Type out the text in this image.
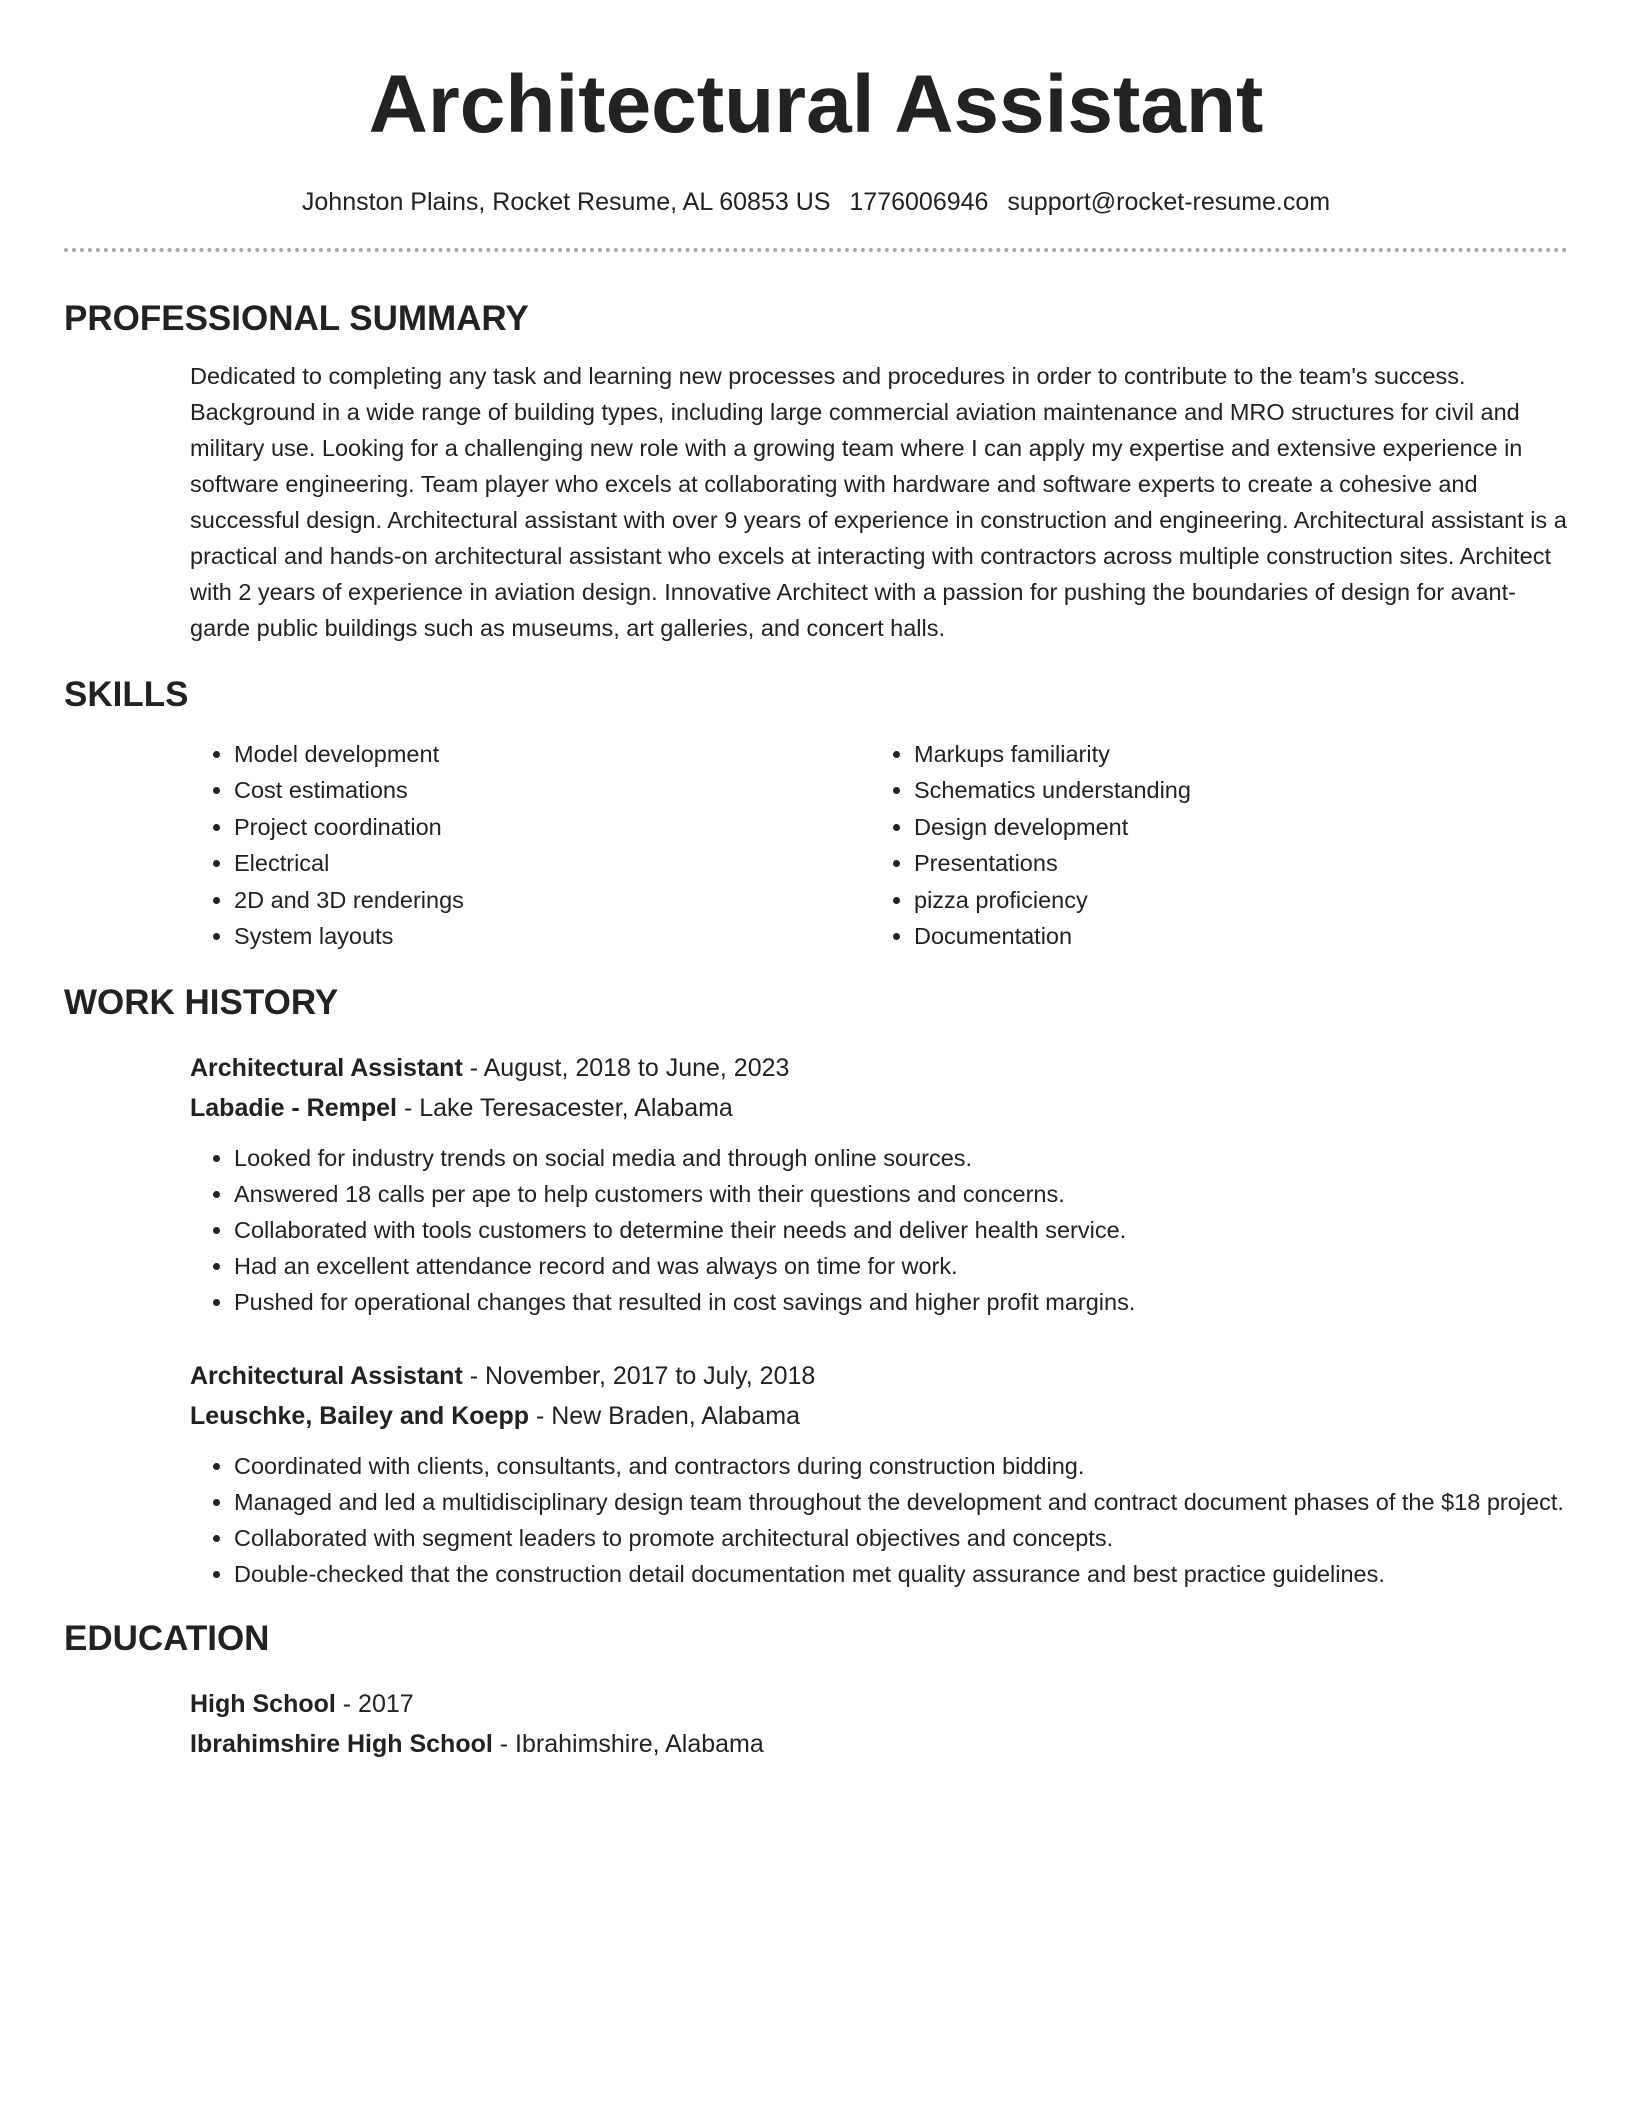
Architectural Assistant
Johnston Plains, Rocket Resume, AL 60853 US 1776006946 support@rocket-resume.com
PROFESSIONAL SUMMARY

Dedicated to completing any task and learning new processes and procedures in order to contribute to the team's success. Background in a wide range of building types, including large commercial aviation maintenance and MRO structures for civil and military use. Looking for a challenging new role with a growing team where I can apply my expertise and extensive experience in software engineering. Team player who excels at collaborating with hardware and software experts to create a cohesive and successful design. Architectural assistant with over 9 years of experience in construction and engineering. Architectural assistant is a practical and hands-on architectural assistant who excels at interacting with contractors across multiple construction sites. Architect with 2 years of experience in aviation design. Innovative Architect with a passion for pushing the boundaries of design for avant-garde public buildings such as museums, art galleries, and concert halls.

SKILLS
• Model development
• Cost estimations
• Project coordination
• Electrical
• 2D and 3D renderings
• System layouts
• Markups familiarity
• Schematics understanding
• Design development
• Presentations
• pizza proficiency
• Documentation
WORK HISTORY
Architectural Assistant - August, 2018 to June, 2023
Labadie - Rempel - Lake Teresacester, Alabama
• Looked for industry trends on social media and through online sources.
• Answered 18 calls per ape to help customers with their questions and concerns.
• Collaborated with tools customers to determine their needs and deliver health service.
• Had an excellent attendance record and was always on time for work.
• Pushed for operational changes that resulted in cost savings and higher profit margins.
Architectural Assistant - November, 2017 to July, 2018
Leuschke, Bailey and Koepp - New Braden, Alabama
• Coordinated with clients, consultants, and contractors during construction bidding.
• Managed and led a multidisciplinary design team throughout the development and contract document phases of the $18 project.
• Collaborated with segment leaders to promote architectural objectives and concepts.
• Double-checked that the construction detail documentation met quality assurance and best practice guidelines.
EDUCATION
High School - 2017
Ibrahimshire High School - Ibrahimshire, Alabama
